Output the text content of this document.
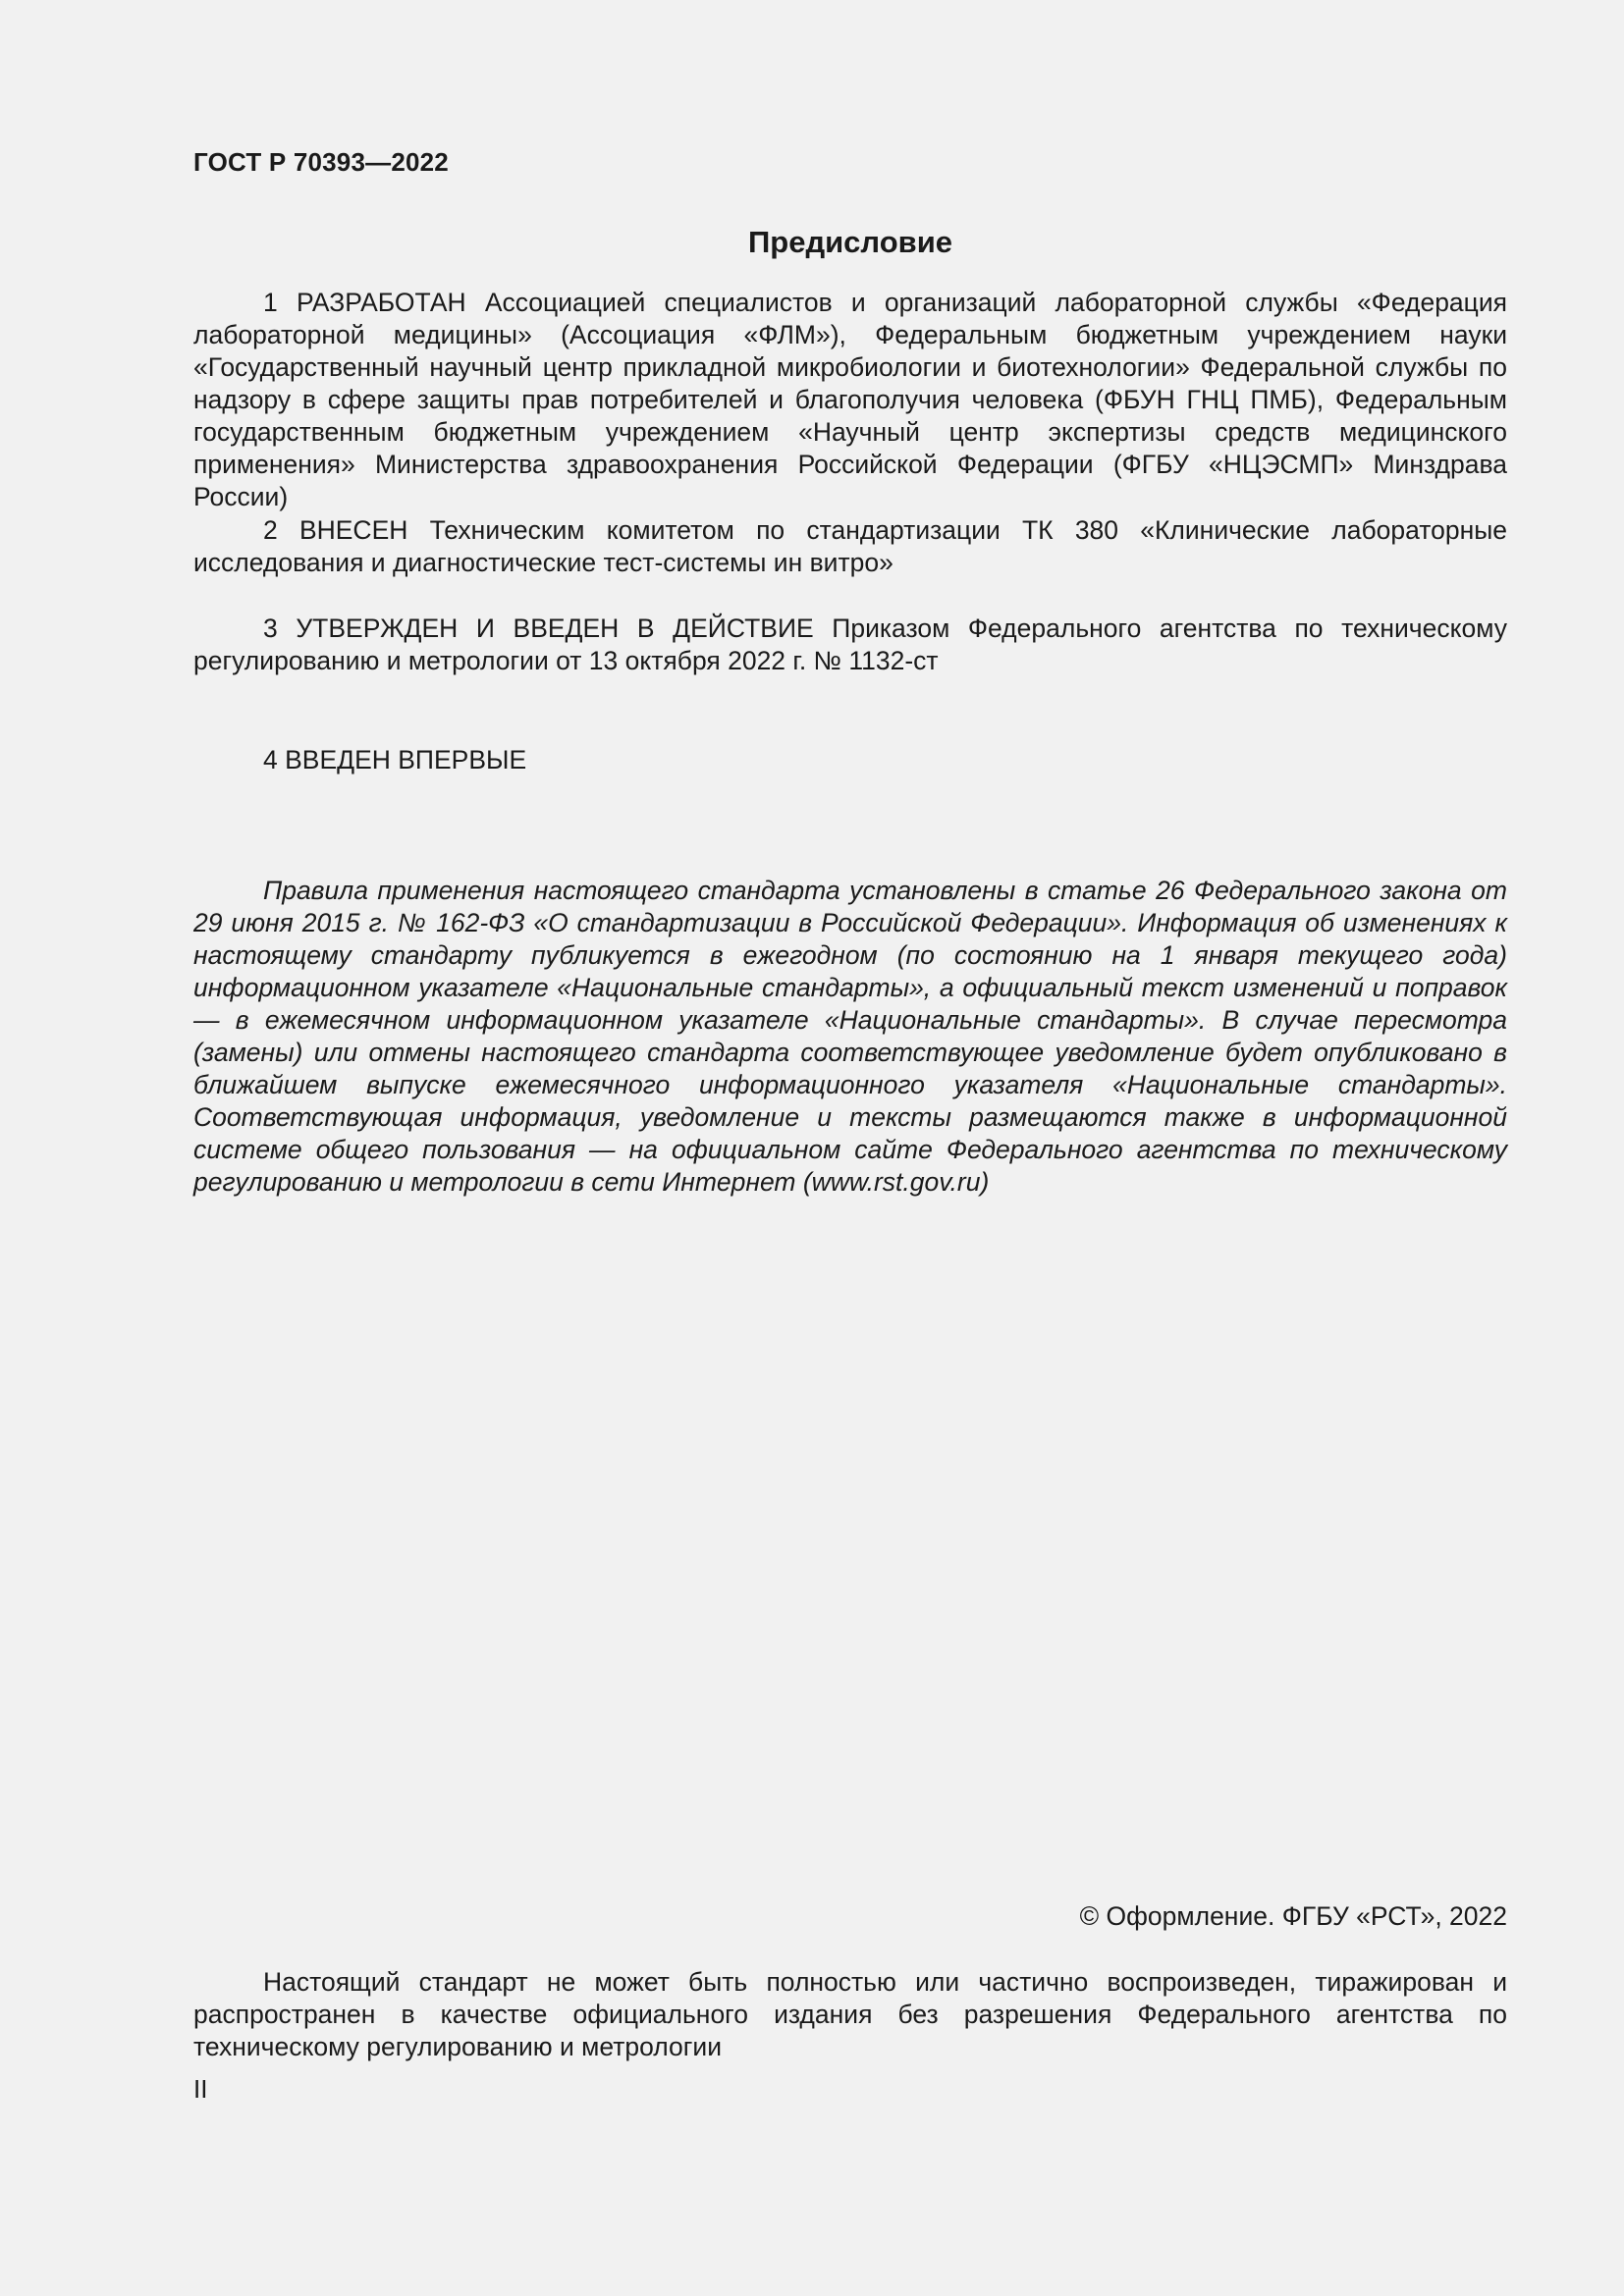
ГОСТ Р 70393—2022
Предисловие
1 РАЗРАБОТАН Ассоциацией специалистов и организаций лабораторной службы «Федерация лабораторной медицины» (Ассоциация «ФЛМ»), Федеральным бюджетным учреждением науки «Государственный научный центр прикладной микробиологии и биотехнологии» Федеральной службы по надзору в сфере защиты прав потребителей и благополучия человека (ФБУН ГНЦ ПМБ), Федеральным государственным бюджетным учреждением «Научный центр экспертизы средств медицинского применения» Министерства здравоохранения Российской Федерации (ФГБУ «НЦЭСМП» Минздрава России)
2 ВНЕСЕН Техническим комитетом по стандартизации ТК 380 «Клинические лабораторные исследования и диагностические тест-системы ин витро»
3 УТВЕРЖДЕН И ВВЕДЕН В ДЕЙСТВИЕ Приказом Федерального агентства по техническому регулированию и метрологии от 13 октября 2022 г. № 1132-ст
4 ВВЕДЕН ВПЕРВЫЕ
Правила применения настоящего стандарта установлены в статье 26 Федерального закона от 29 июня 2015 г. № 162-ФЗ «О стандартизации в Российской Федерации». Информация об изменениях к настоящему стандарту публикуется в ежегодном (по состоянию на 1 января текущего года) информационном указателе «Национальные стандарты», а официальный текст изменений и поправок — в ежемесячном информационном указателе «Национальные стандарты». В случае пересмотра (замены) или отмены настоящего стандарта соответствующее уведомление будет опубликовано в ближайшем выпуске ежемесячного информационного указателя «Национальные стандарты». Соответствующая информация, уведомление и тексты размещаются также в информационной системе общего пользования — на официальном сайте Федерального агентства по техническому регулированию и метрологии в сети Интернет (www.rst.gov.ru)
© Оформление. ФГБУ «РСТ», 2022
Настоящий стандарт не может быть полностью или частично воспроизведен, тиражирован и распространен в качестве официального издания без разрешения Федерального агентства по техническому регулированию и метрологии
II
